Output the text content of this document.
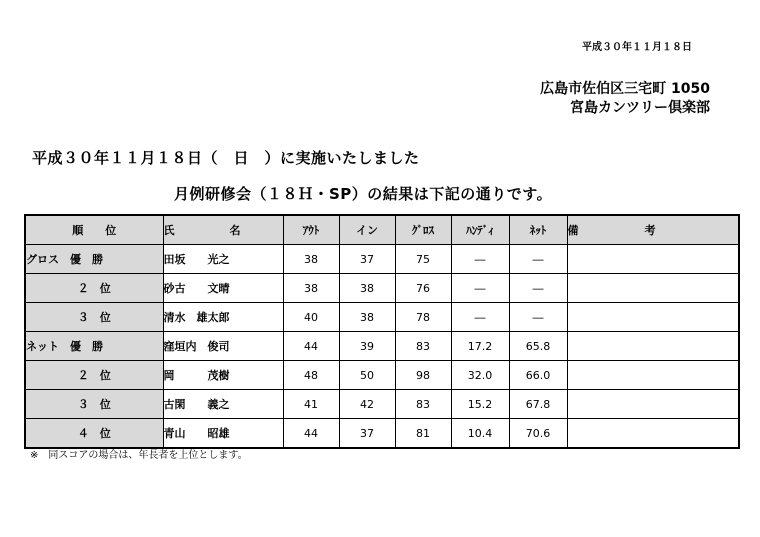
平成３０年１１月１８日
広島市佐伯区三宅町 1050
宮島カンツリー倶楽部
平成３０年１１月１８日（　日　）に実施いたしました
月例研修会（１８Ｈ・SP）の結果は下記の通りです。
順　　位	氏　　　　　名	ｱｳﾄ	イン	ｸﾞﾛｽ	ﾊﾝﾃﾞｨ	ﾈｯﾄ	備　　　　　　考
グロス　優　勝	田坂　　光之	38	37	75	―	―	
２　位	砂古　　文晴	38	38	76	―	―	
３　位	清水　雄太郎	40	38	78	―	―	
ネット　優　勝	窪垣内　俊司	44	39	83	17.2	65.8	
２　位	岡　　　茂樹	48	50	98	32.0	66.0	
３　位	古閑　　義之	41	42	83	15.2	67.8	
４　位	青山　　昭雄	44	37	81	10.4	70.6	
※　同スコアの場合は、年長者を上位とします。
